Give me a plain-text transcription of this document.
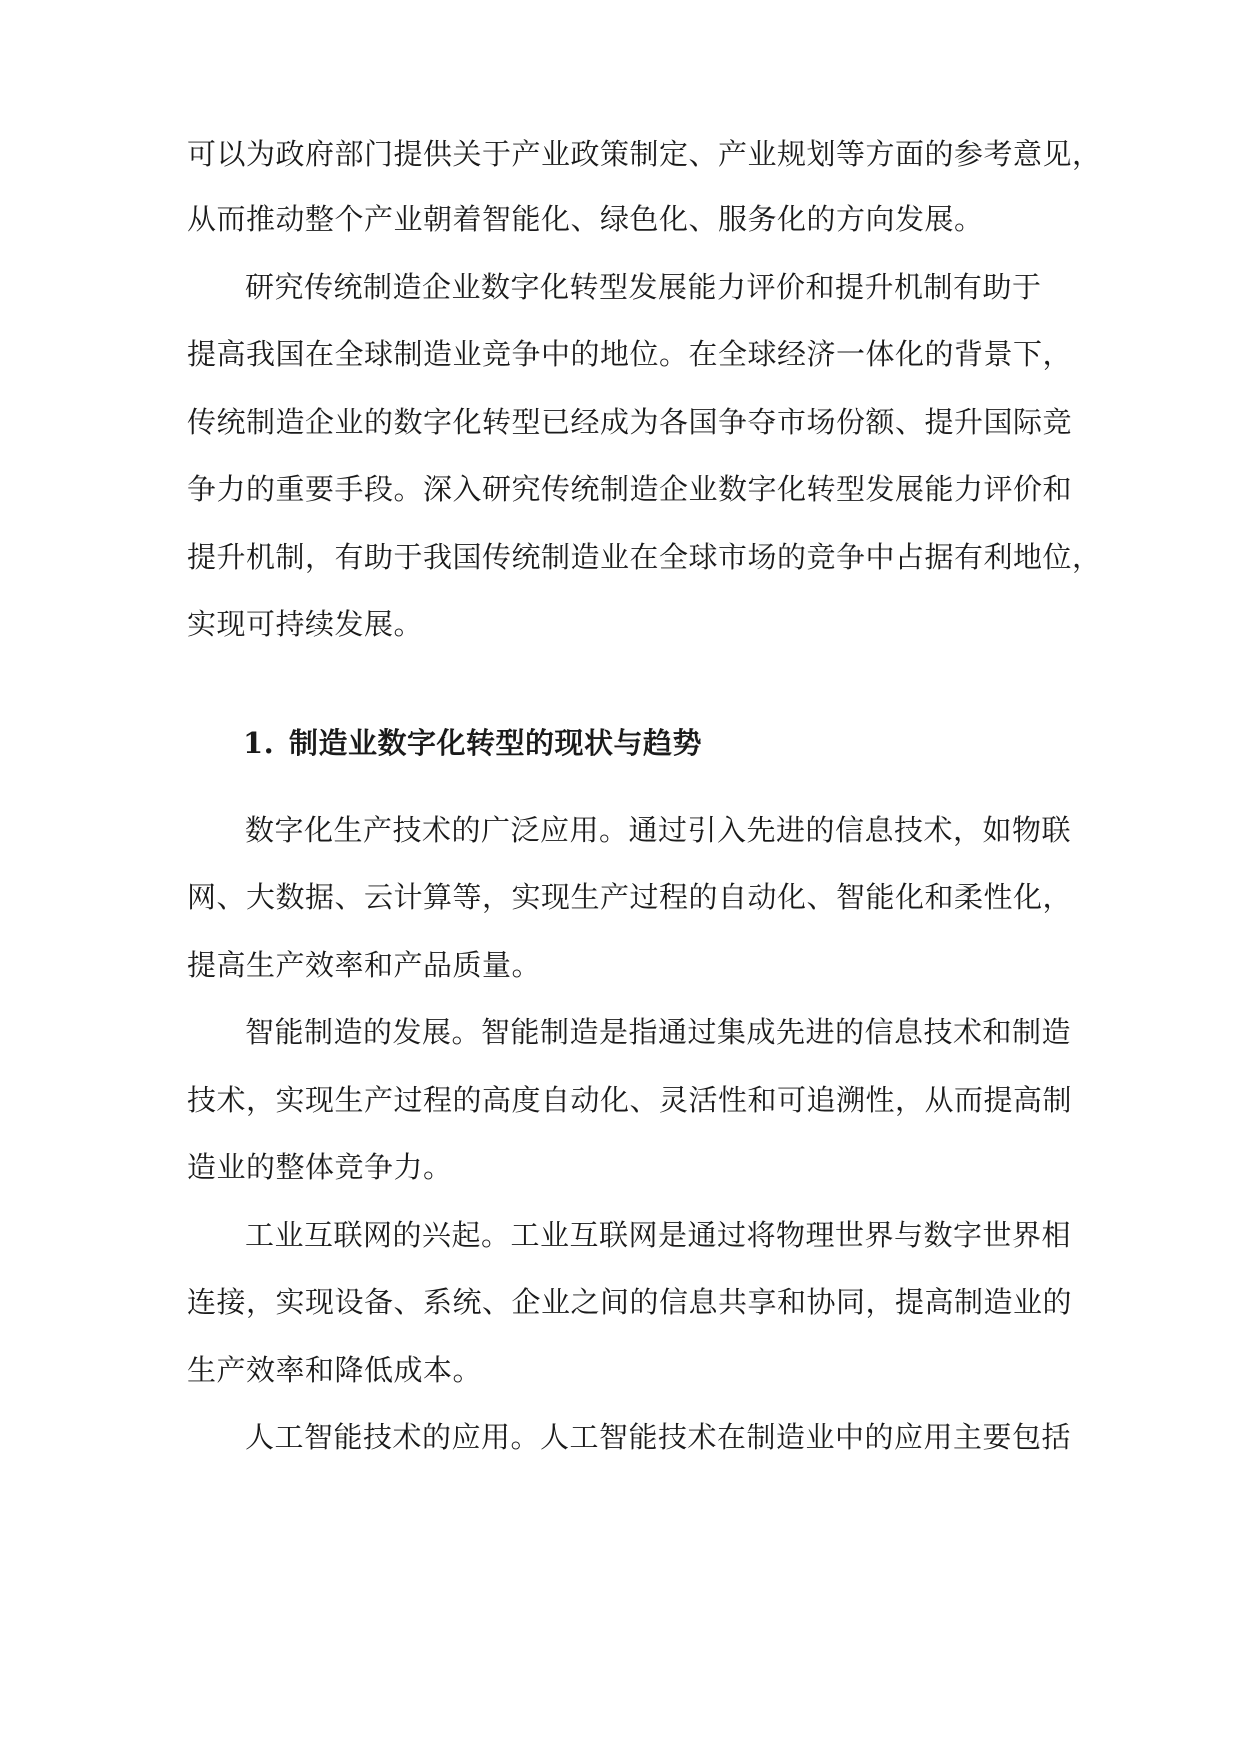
可以为政府部门提供关于产业政策制定、产业规划等方面的参考意见，
从而推动整个产业朝着智能化、绿色化、服务化的方向发展。
研究传统制造企业数字化转型发展能力评价和提升机制有助于
提高我国在全球制造业竞争中的地位。在全球经济一体化的背景下，
传统制造企业的数字化转型已经成为各国争夺市场份额、提升国际竞
争力的重要手段。深入研究传统制造企业数字化转型发展能力评价和
提升机制，有助于我国传统制造业在全球市场的竞争中占据有利地位，
实现可持续发展。
1. 制造业数字化转型的现状与趋势
数字化生产技术的广泛应用。通过引入先进的信息技术，如物联
网、大数据、云计算等，实现生产过程的自动化、智能化和柔性化，
提高生产效率和产品质量。
智能制造的发展。智能制造是指通过集成先进的信息技术和制造
技术，实现生产过程的高度自动化、灵活性和可追溯性，从而提高制
造业的整体竞争力。
工业互联网的兴起。工业互联网是通过将物理世界与数字世界相
连接，实现设备、系统、企业之间的信息共享和协同，提高制造业的
生产效率和降低成本。
人工智能技术的应用。人工智能技术在制造业中的应用主要包括
